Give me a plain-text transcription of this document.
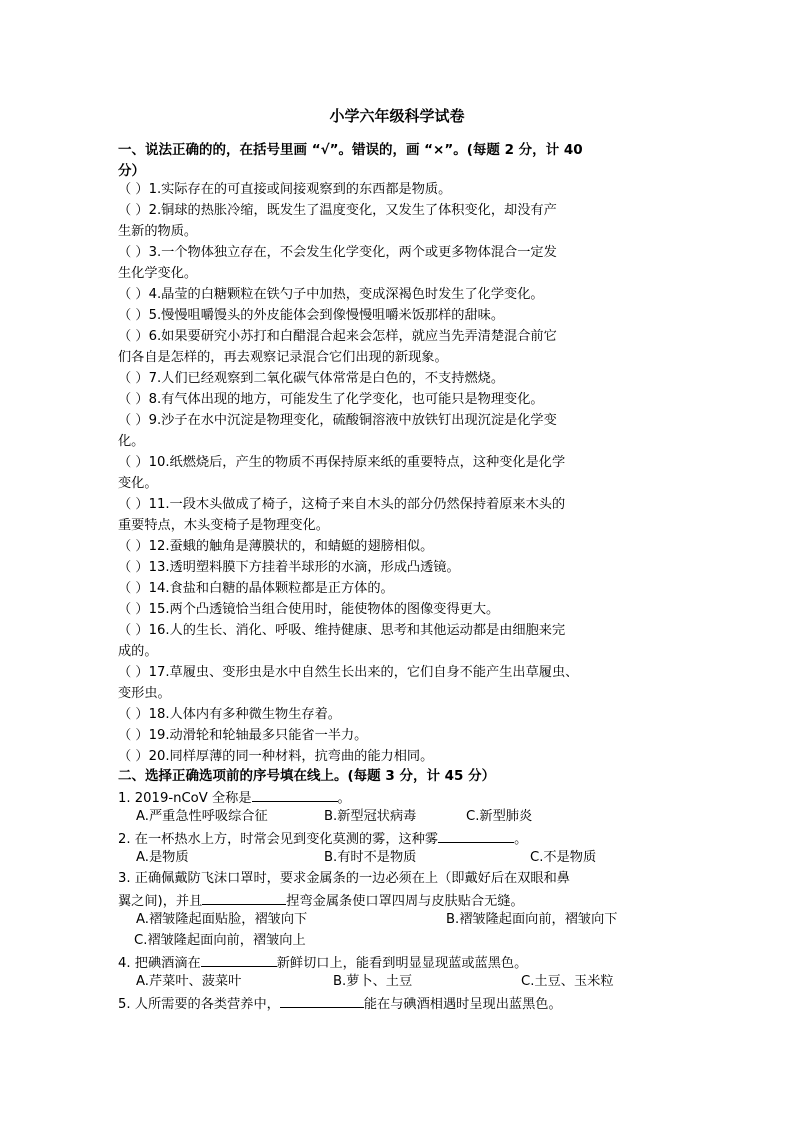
小学六年级科学试卷
一、说法正确的的，在括号里画 “√”。错误的，画 “×”。(每题 2 分，计 40
分）
（ ）1.实际存在的可直接或间接观察到的东西都是物质。
（ ）2.铜球的热胀冷缩，既发生了温度变化，又发生了体积变化，却没有产
生新的物质。
（ ）3.一个物体独立存在，不会发生化学变化，两个或更多物体混合一定发
生化学变化。
（ ）4.晶莹的白糖颗粒在铁勺子中加热，变成深褐色时发生了化学变化。
（ ）5.慢慢咀嚼馒头的外皮能体会到像慢慢咀嚼米饭那样的甜味。
（ ）6.如果要研究小苏打和白醋混合起来会怎样，就应当先弄清楚混合前它
们各自是怎样的，再去观察记录混合它们出现的新现象。
（ ）7.人们已经观察到二氧化碳气体常常是白色的，不支持燃烧。
（ ）8.有气体出现的地方，可能发生了化学变化，也可能只是物理变化。
（ ）9.沙子在水中沉淀是物理变化，硫酸铜溶液中放铁钉出现沉淀是化学变
化。
（ ）10.纸燃烧后，产生的物质不再保持原来纸的重要特点，这种变化是化学
变化。
（ ）11.一段木头做成了椅子，这椅子来自木头的部分仍然保持着原来木头的
重要特点，木头变椅子是物理变化。
（ ）12.蚕蛾的触角是薄膜状的，和蜻蜓的翅膀相似。
（ ）13.透明塑料膜下方挂着半球形的水滴，形成凸透镜。
（ ）14.食盐和白糖的晶体颗粒都是正方体的。
（ ）15.两个凸透镜恰当组合使用时，能使物体的图像变得更大。
（ ）16.人的生长、消化、呼吸、维持健康、思考和其他运动都是由细胞来完
成的。
（ ）17.草履虫、变形虫是水中自然生长出来的，它们自身不能产生出草履虫、
变形虫。
（ ）18.人体内有多种微生物生存着。
（ ）19.动滑轮和轮轴最多只能省一半力。
（ ）20.同样厚薄的同一种材料，抗弯曲的能力相同。
二、选择正确选项前的序号填在线上。(每题 3 分，计 45 分）
1. 2019-nCoV 全称是	。
A.严重急性呼吸综合征	B.新型冠状病毒	C.新型肺炎
2. 在一杯热水上方，时常会见到变化莫测的雾，这种雾	。
A.是物质	B.有时不是物质	C.不是物质
3. 正确佩戴防飞沫口罩时，要求金属条的一边必须在上（即戴好后在双眼和鼻
翼之间)，并且	捏弯金属条使口罩四周与皮肤贴合无缝。
A.褶皱隆起面贴脸，褶皱向下	B.褶皱隆起面向前，褶皱向下
C.褶皱隆起面向前，褶皱向上
4. 把碘酒滴在	新鲜切口上，能看到明显显现蓝或蓝黑色。
A.芹菜叶、菠菜叶	B.萝卜、土豆	C.土豆、玉米粒
5. 人所需要的各类营养中，	能在与碘酒相遇时呈现出蓝黑色。
